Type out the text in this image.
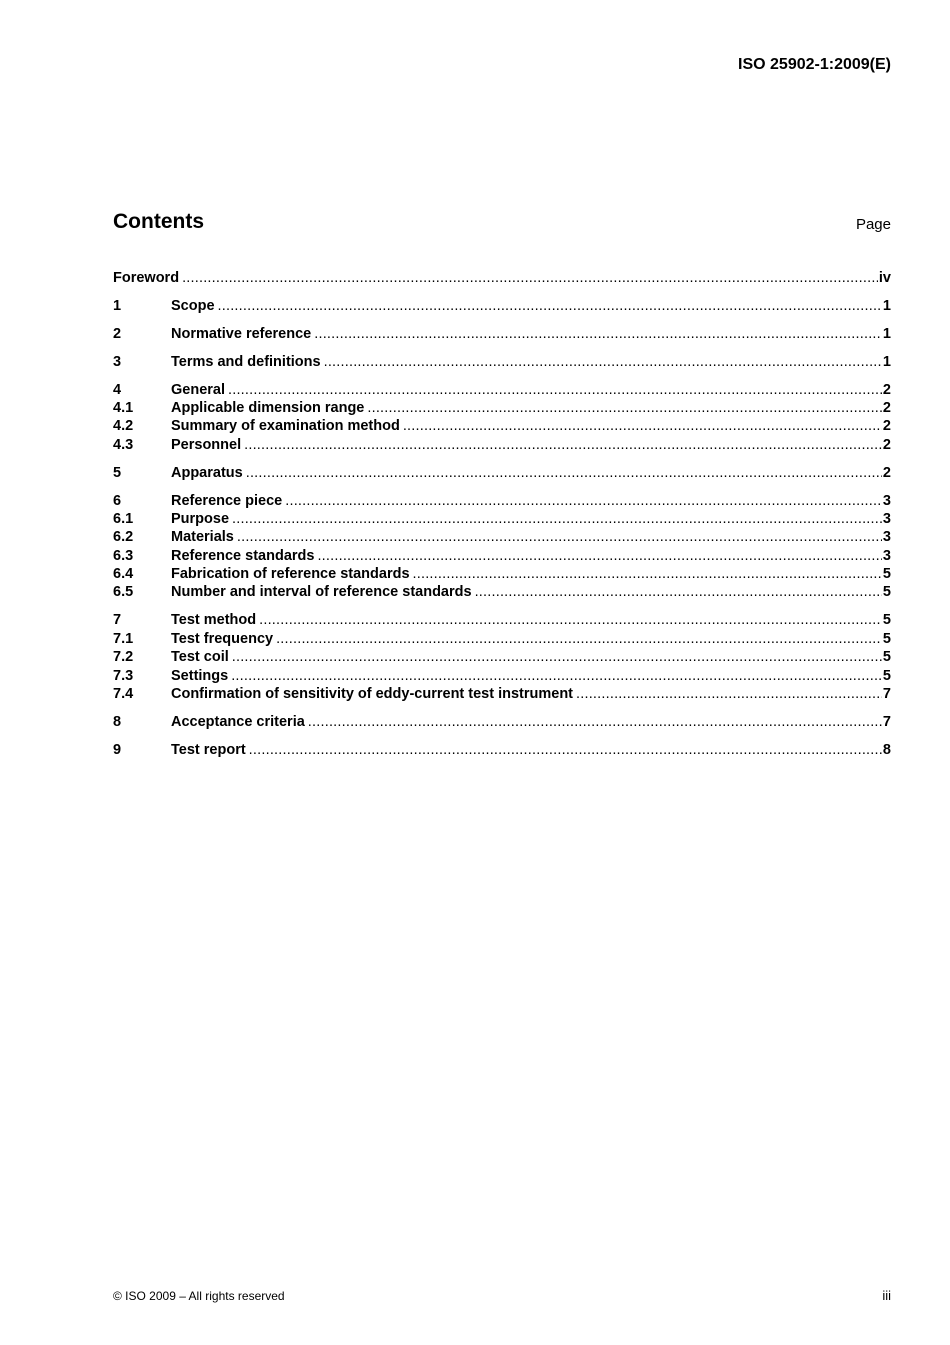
ISO 25902-1:2009(E)
Contents	Page
Foreword .....	iv
1	Scope .....	1
2	Normative reference .....	1
3	Terms and definitions .....	1
4	General .....	2
4.1	Applicable dimension range .....	2
4.2	Summary of examination method .....	2
4.3	Personnel .....	2
5	Apparatus .....	2
6	Reference piece .....	3
6.1	Purpose .....	3
6.2	Materials .....	3
6.3	Reference standards .....	3
6.4	Fabrication of reference standards .....	5
6.5	Number and interval of reference standards .....	5
7	Test method .....	5
7.1	Test frequency .....	5
7.2	Test coil .....	5
7.3	Settings .....	5
7.4	Confirmation of sensitivity of eddy-current test instrument .....	7
8	Acceptance criteria .....	7
9	Test report .....	8
© ISO 2009 – All rights reserved	iii
